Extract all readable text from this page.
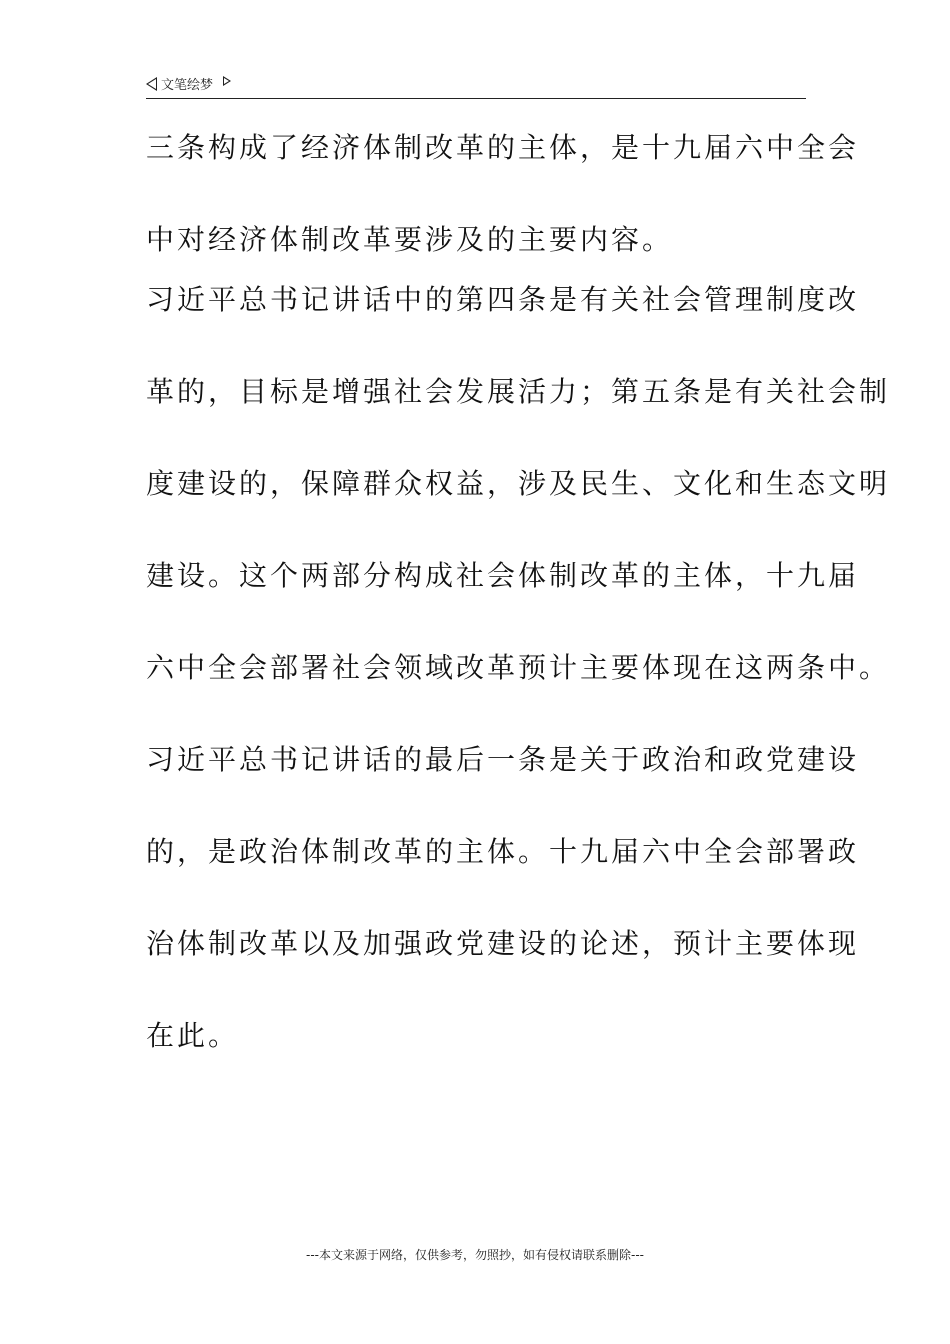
文笔绘梦
三条构成了经济体制改革的主体，是十九届六中全会
中对经济体制改革要涉及的主要内容。
习近平总书记讲话中的第四条是有关社会管理制度改
革的，目标是增强社会发展活力；第五条是有关社会制
度建设的，保障群众权益，涉及民生、文化和生态文明
建设。这个两部分构成社会体制改革的主体，十九届
六中全会部署社会领域改革预计主要体现在这两条中。
习近平总书记讲话的最后一条是关于政治和政党建设
的，是政治体制改革的主体。十九届六中全会部署政
治体制改革以及加强政党建设的论述，预计主要体现
在此。
---本文来源于网络，仅供参考，勿照抄，如有侵权请联系删除---
